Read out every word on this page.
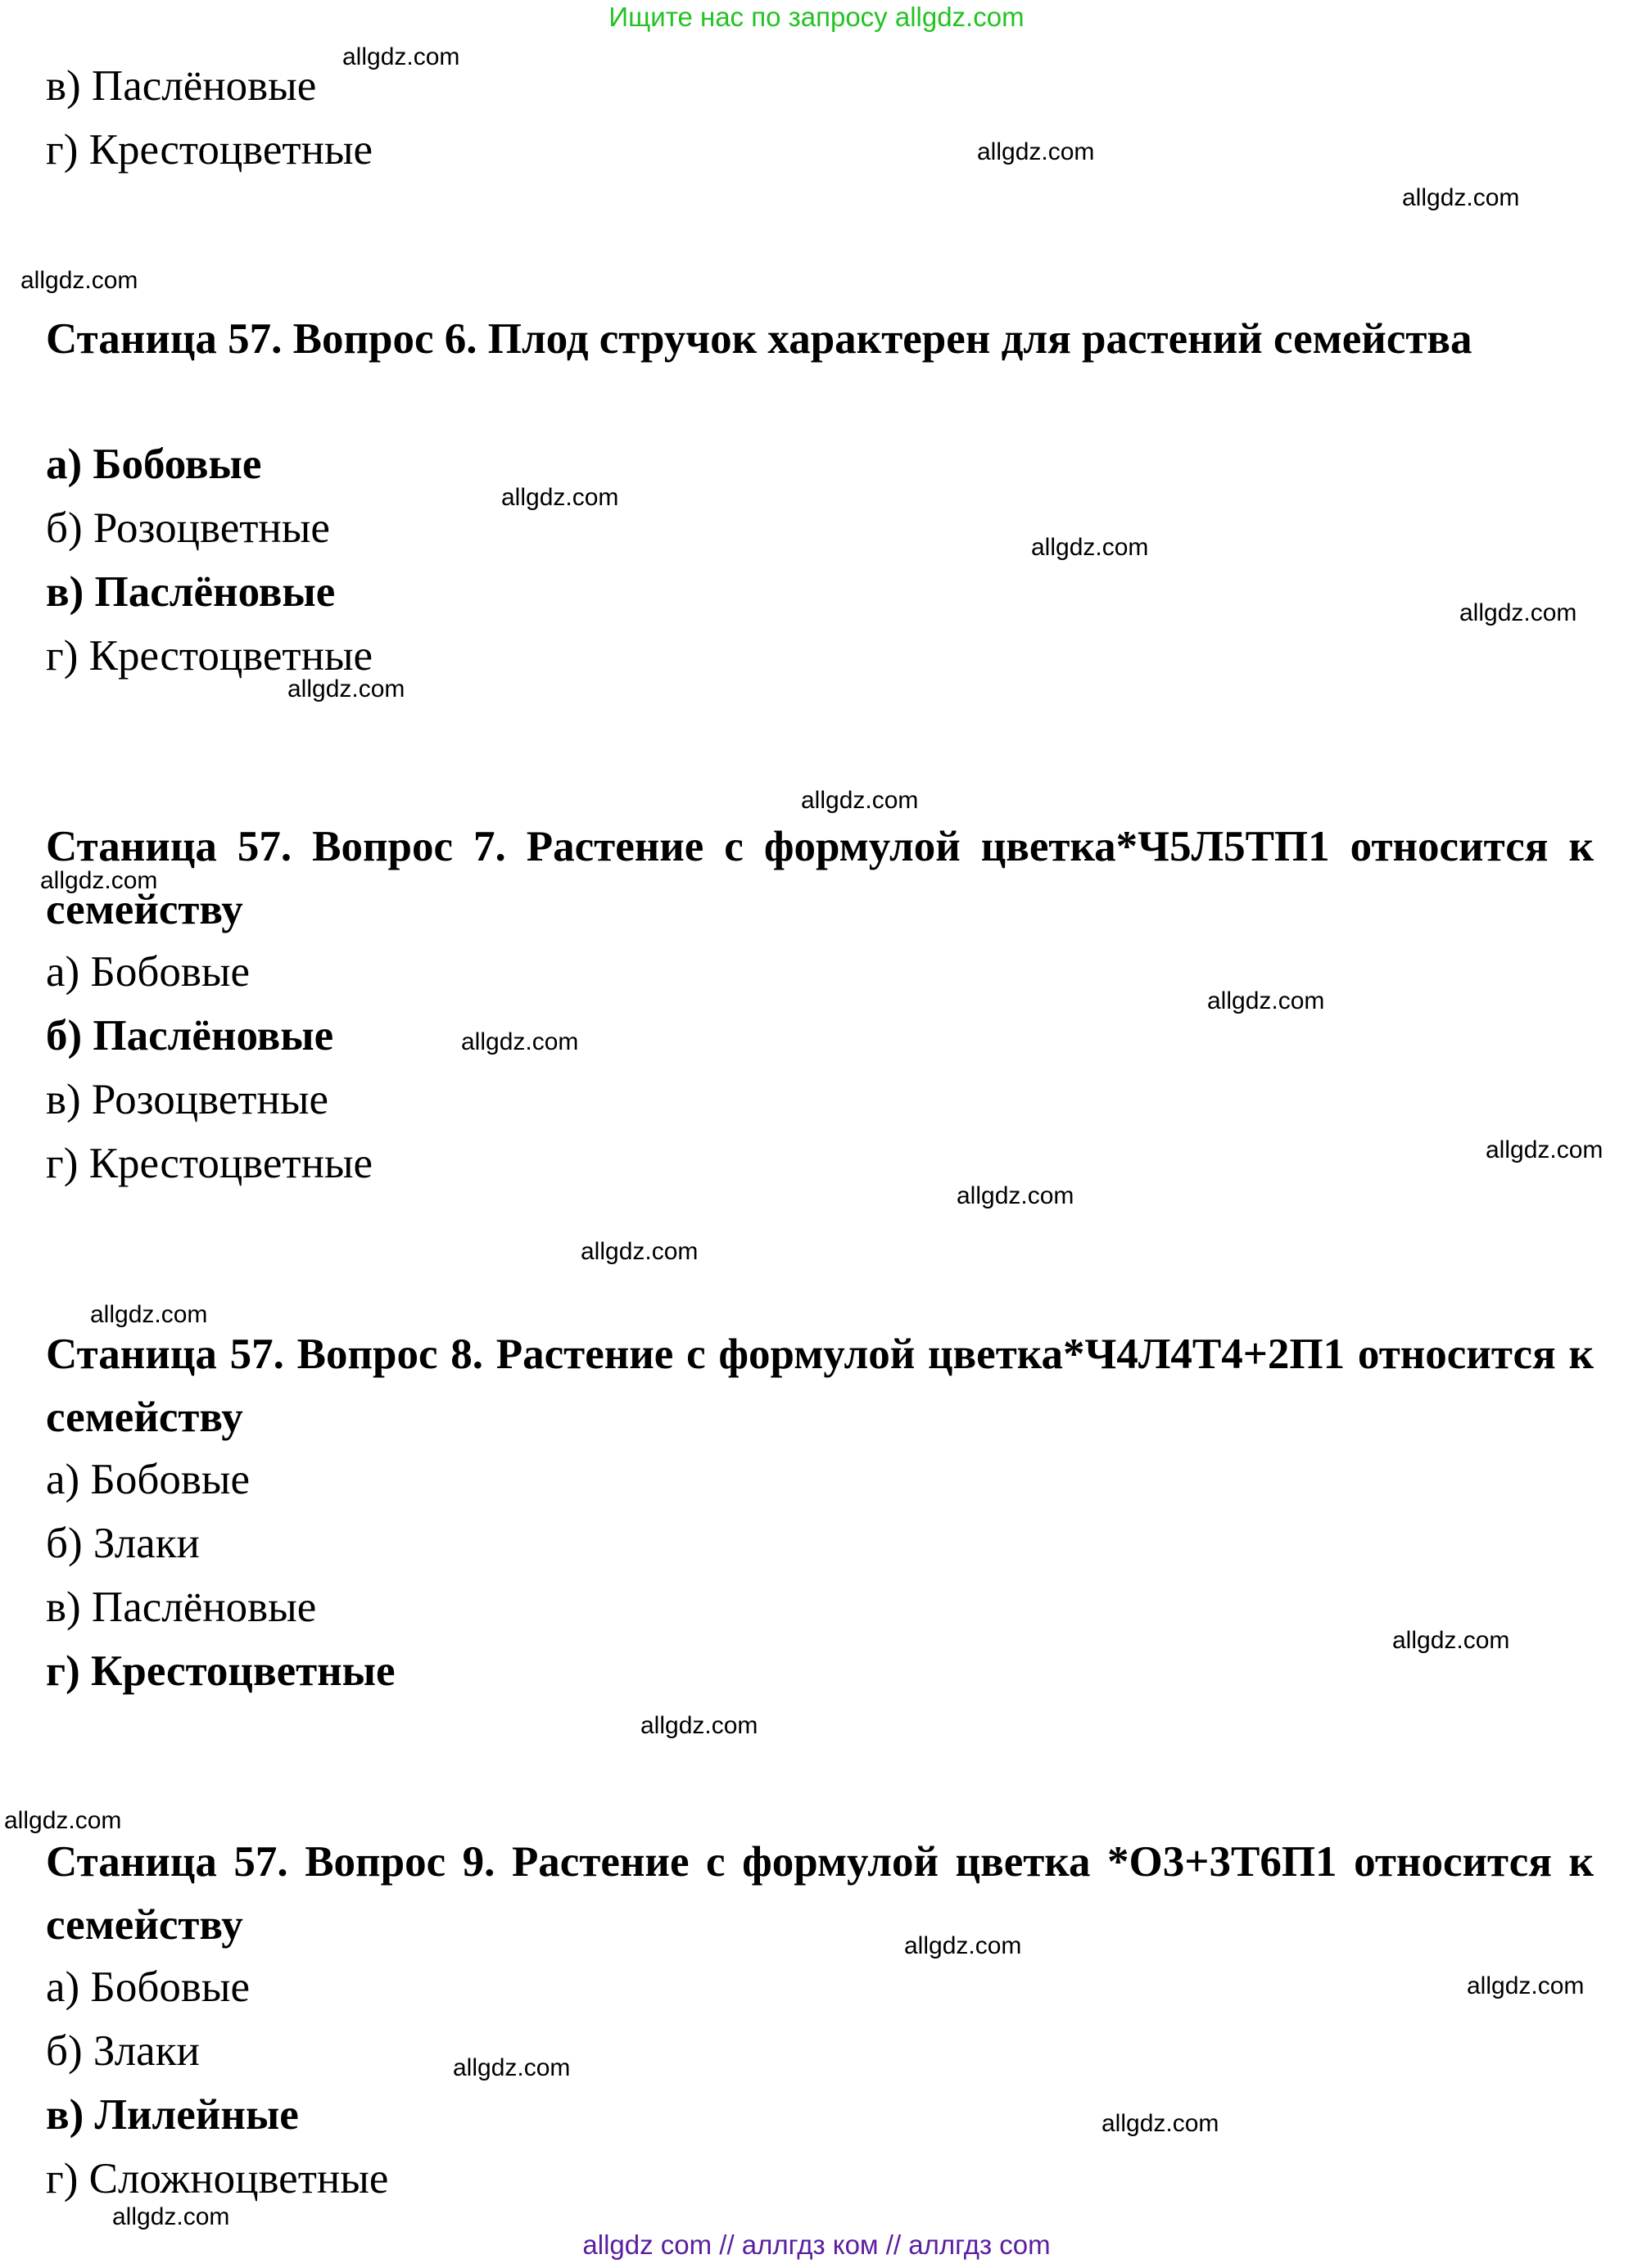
Ищите нас по запросу allgdz.com
в) Паслёновые
г) Крестоцветные
Станица 57. Вопрос 6. Плод стручок характерен для растений семейства
а) Бобовые
б) Розоцветные
в) Паслёновые
г) Крестоцветные
Станица 57. Вопрос 7. Растение с формулой цветка*Ч5Л5ТП1 относится к семейству
а) Бобовые
б) Паслёновые
в) Розоцветные
г) Крестоцветные
Станица 57. Вопрос 8. Растение с формулой цветка*Ч4Л4Т4+2П1 относится к семейству
а) Бобовые
б) Злаки
в) Паслёновые
г) Крестоцветные
Станица 57. Вопрос 9. Растение с формулой цветка *О3+3Т6П1 относится к семейству
а) Бобовые
б) Злаки
в) Лилейные
г) Сложноцветные
allgdz.com
allgdz.com
allgdz.com
allgdz.com
allgdz.com
allgdz.com
allgdz.com
allgdz.com
allgdz.com
allgdz.com
allgdz.com
allgdz.com
allgdz.com
allgdz.com
allgdz.com
allgdz.com
allgdz.com
allgdz.com
allgdz.com
allgdz.com
allgdz.com
allgdz.com
allgdz.com
allgdz.com
allgdz com // аллгдз ком // аллгдз com
